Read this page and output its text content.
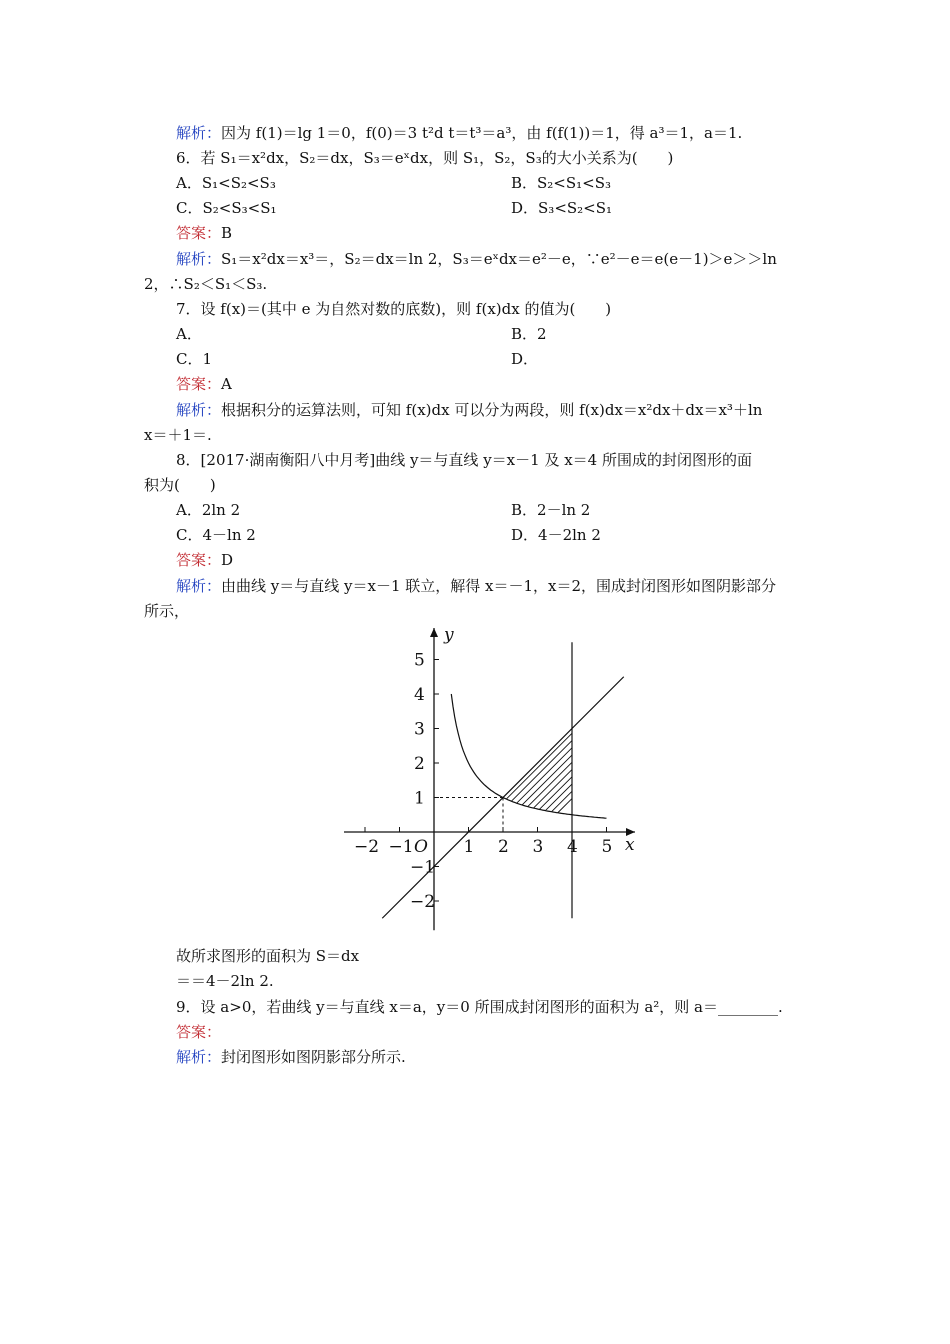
解析：因为 f(1)＝lg 1＝0，f(0)＝3 t²d t＝t³＝a³，由 f(f(1))＝1，得 a³＝1，a＝1.
6．若 S₁＝x²dx，S₂＝dx，S₃＝eˣdx，则 S₁，S₂，S₃的大小关系为(　　)
A．S₁<S₂<S₃	B．S₂<S₁<S₃
C．S₂<S₃<S₁	D．S₃<S₂<S₁
答案：B
解析：S₁＝x²dx＝x³＝，S₂＝dx＝ln 2，S₃＝eˣdx＝e²－e，∵e²－e＝e(e－1)＞e＞＞ln
2，∴S₂＜S₁＜S₃.
7．设 f(x)＝(其中 e 为自然对数的底数)，则 f(x)dx 的值为(　　)
A．	B．2
C．1	D．
答案：A
解析：根据积分的运算法则，可知 f(x)dx 可以分为两段，则 f(x)dx＝x²dx＋dx＝x³＋ln
x＝＋1＝.
8．[2017·湖南衡阳八中月考]曲线 y＝与直线 y＝x－1 及 x＝4 所围成的封闭图形的面
积为(　　)
A．2ln 2	B．2－ln 2
C．4－ln 2	D．4－2ln 2
答案：D
解析：由曲线 y＝与直线 y＝x－1 联立，解得 x＝－1，x＝2，围成封闭图形如图阴影部分
所示，
x
y
O
−2 −1	1 2 3 4 5
5
4
3
2
1
−1
−2
故所求图形的面积为 S＝dx
＝＝4－2ln 2.
9．设 a>0，若曲线 y＝与直线 x＝a，y＝0 所围成封闭图形的面积为 a²，则 a＝________.
答案：
解析：封闭图形如图阴影部分所示.
